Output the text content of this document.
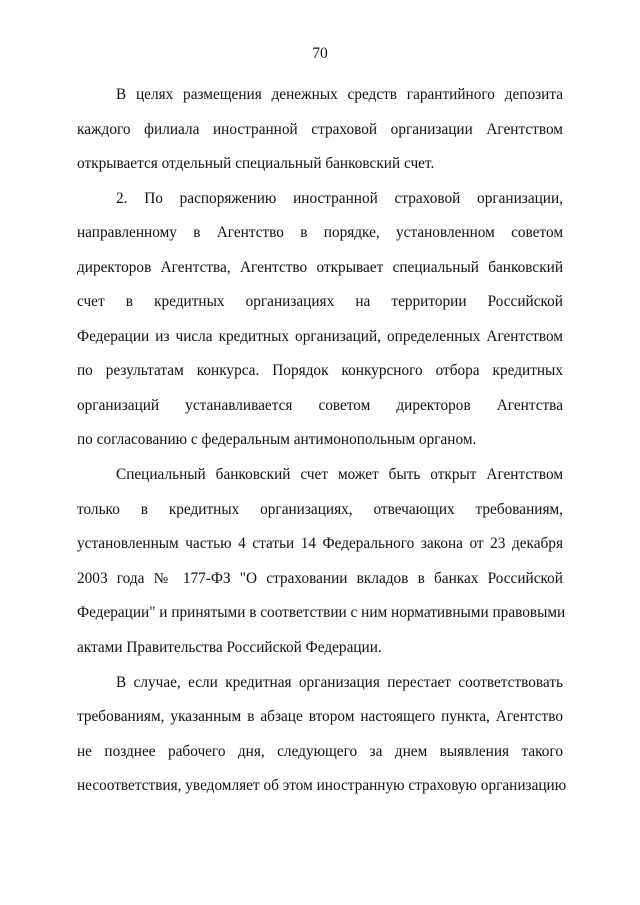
70
В целях размещения денежных средств гарантийного депозита
каждого филиала иностранной страховой организации Агентством
открывается отдельный специальный банковский счет.
2. По распоряжению иностранной страховой организации,
направленному в Агентство в порядке, установленном советом
директоров Агентства, Агентство открывает специальный банковский
счет в кредитных организациях на территории Российской
Федерации из числа кредитных организаций, определенных Агентством
по результатам конкурса. Порядок конкурсного отбора кредитных
организаций устанавливается советом директоров Агентства
по согласованию с федеральным антимонопольным органом.
Специальный банковский счет может быть открыт Агентством
только в кредитных организациях, отвечающих требованиям,
установленным частью 4 статьи 14 Федерального закона от 23 декабря
2003 года № 177-ФЗ "О страховании вкладов в банках Российской
Федерации" и принятыми в соответствии с ним нормативными правовыми
актами Правительства Российской Федерации.
В случае, если кредитная организация перестает соответствовать
требованиям, указанным в абзаце втором настоящего пункта, Агентство
не позднее рабочего дня, следующего за днем выявления такого
несоответствия, уведомляет об этом иностранную страховую организацию
